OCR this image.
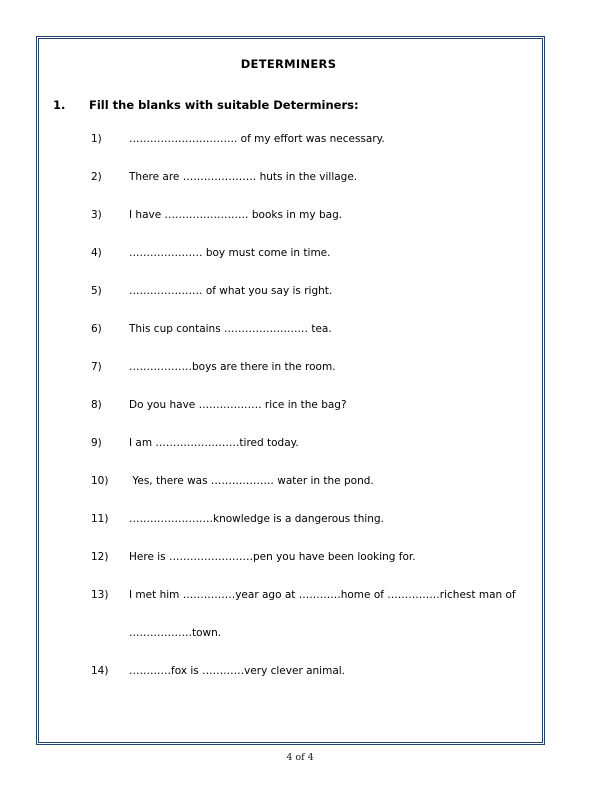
DETERMINERS
1.	Fill the blanks with suitable Determiners:
1)	…………………………. of my effort was necessary.
2)	There are ………………… huts in the village.
3)	I have …………………… books in my bag.
4)	………………… boy must come in time.
5)	………………… of what you say is right.
6)	This cup contains …………………… tea.
7)	………………boys are there in the room.
8)	Do you have ……………… rice in the bag?
9)	I am ……………………tired today.
10)	Yes, there was ……………… water in the pond.
11)	……………………knowledge is a dangerous thing.
12)	Here is ……………………pen you have been looking for.
13)	I met him ……………year ago at …………home of ……………richest man of
………………town.
14)	…………fox is …………very clever animal.
4 of 4
